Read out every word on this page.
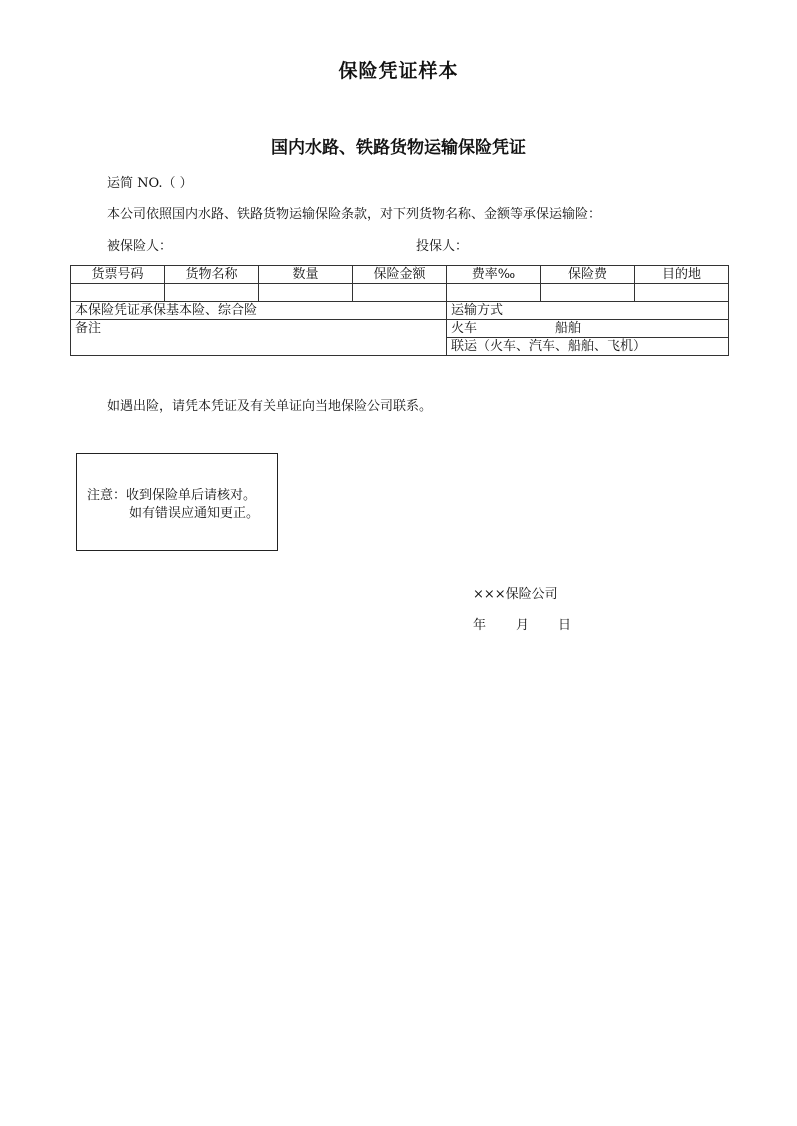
保险凭证样本
国内水路、铁路货物运输保险凭证
运简 NO.（ ）
本公司依照国内水路、铁路货物运输保险条款，对下列货物名称、金额等承保运输险：
被保险人：	投保人：
货票号码	货物名称	数量	保险金额	费率‰	保险费	目的地

本保险凭证承保基本险、综合险				运输方式		
备注				火车 船舶		
				联运（火车、汽车、船舶、飞机）		
如遇出险，请凭本凭证及有关单证向当地保险公司联系。
注意：收到保险单后请核对。
如有错误应通知更正。
×××保险公司
年 月 日
